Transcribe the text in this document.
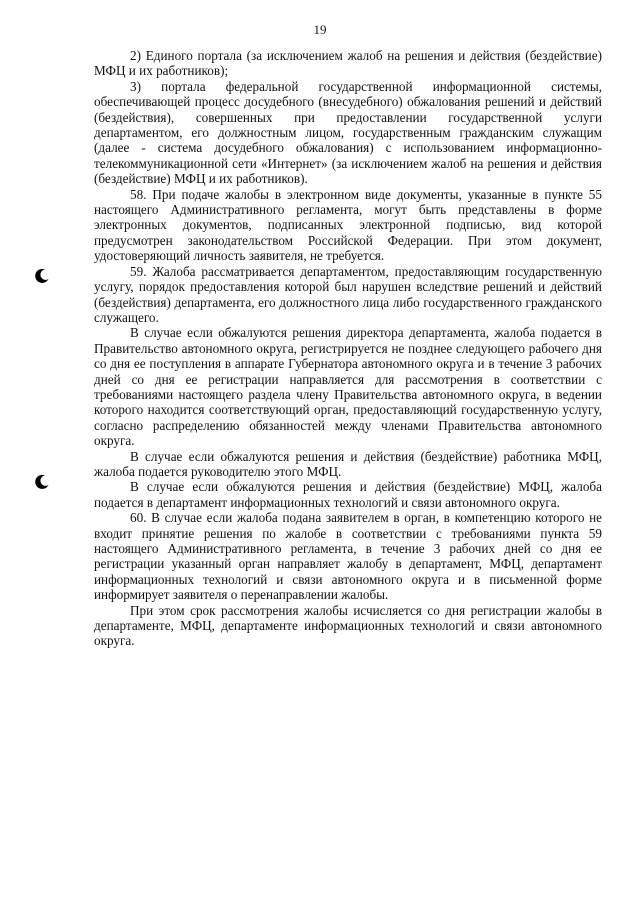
19

2) Единого портала (за исключением жалоб на решения и действия (бездействие) МФЦ и их работников);

3) портала федеральной государственной информационной системы, обеспечивающей процесс досудебного (внесудебного) обжалования решений и действий (бездействия), совершенных при предоставлении государственной услуги департаментом, его должностным лицом, государственным гражданским служащим (далее - система досудебного обжалования) с использованием информационно-телекоммуникационной сети «Интернет» (за исключением жалоб на решения и действия (бездействие) МФЦ и их работников).

58. При подаче жалобы в электронном виде документы, указанные в пункте 55 настоящего Административного регламента, могут быть представлены в форме электронных документов, подписанных электронной подписью, вид которой предусмотрен законодательством Российской Федерации. При этом документ, удостоверяющий личность заявителя, не требуется.

59. Жалоба рассматривается департаментом, предоставляющим государственную услугу, порядок предоставления которой был нарушен вследствие решений и действий (бездействия) департамента, его должностного лица либо государственного гражданского служащего.

В случае если обжалуются решения директора департамента, жалоба подается в Правительство автономного округа, регистрируется не позднее следующего рабочего дня со дня ее поступления в аппарате Губернатора автономного округа и в течение 3 рабочих дней со дня ее регистрации направляется для рассмотрения в соответствии с требованиями настоящего раздела члену Правительства автономного округа, в ведении которого находится соответствующий орган, предоставляющий государственную услугу, согласно распределению обязанностей между членами Правительства автономного округа.

В случае если обжалуются решения и действия (бездействие) работника МФЦ, жалоба подается руководителю этого МФЦ.

В случае если обжалуются решения и действия (бездействие) МФЦ, жалоба подается в департамент информационных технологий и связи автономного округа.

60. В случае если жалоба подана заявителем в орган, в компетенцию которого не входит принятие решения по жалобе в соответствии с требованиями пункта 59 настоящего Административного регламента, в течение 3 рабочих дней со дня ее регистрации указанный орган направляет жалобу в департамент, МФЦ, департамент информационных технологий и связи автономного округа и в письменной форме информирует заявителя о перенаправлении жалобы.

При этом срок рассмотрения жалобы исчисляется со дня регистрации жалобы в департаменте, МФЦ, департаменте информационных технологий и связи автономного округа.
